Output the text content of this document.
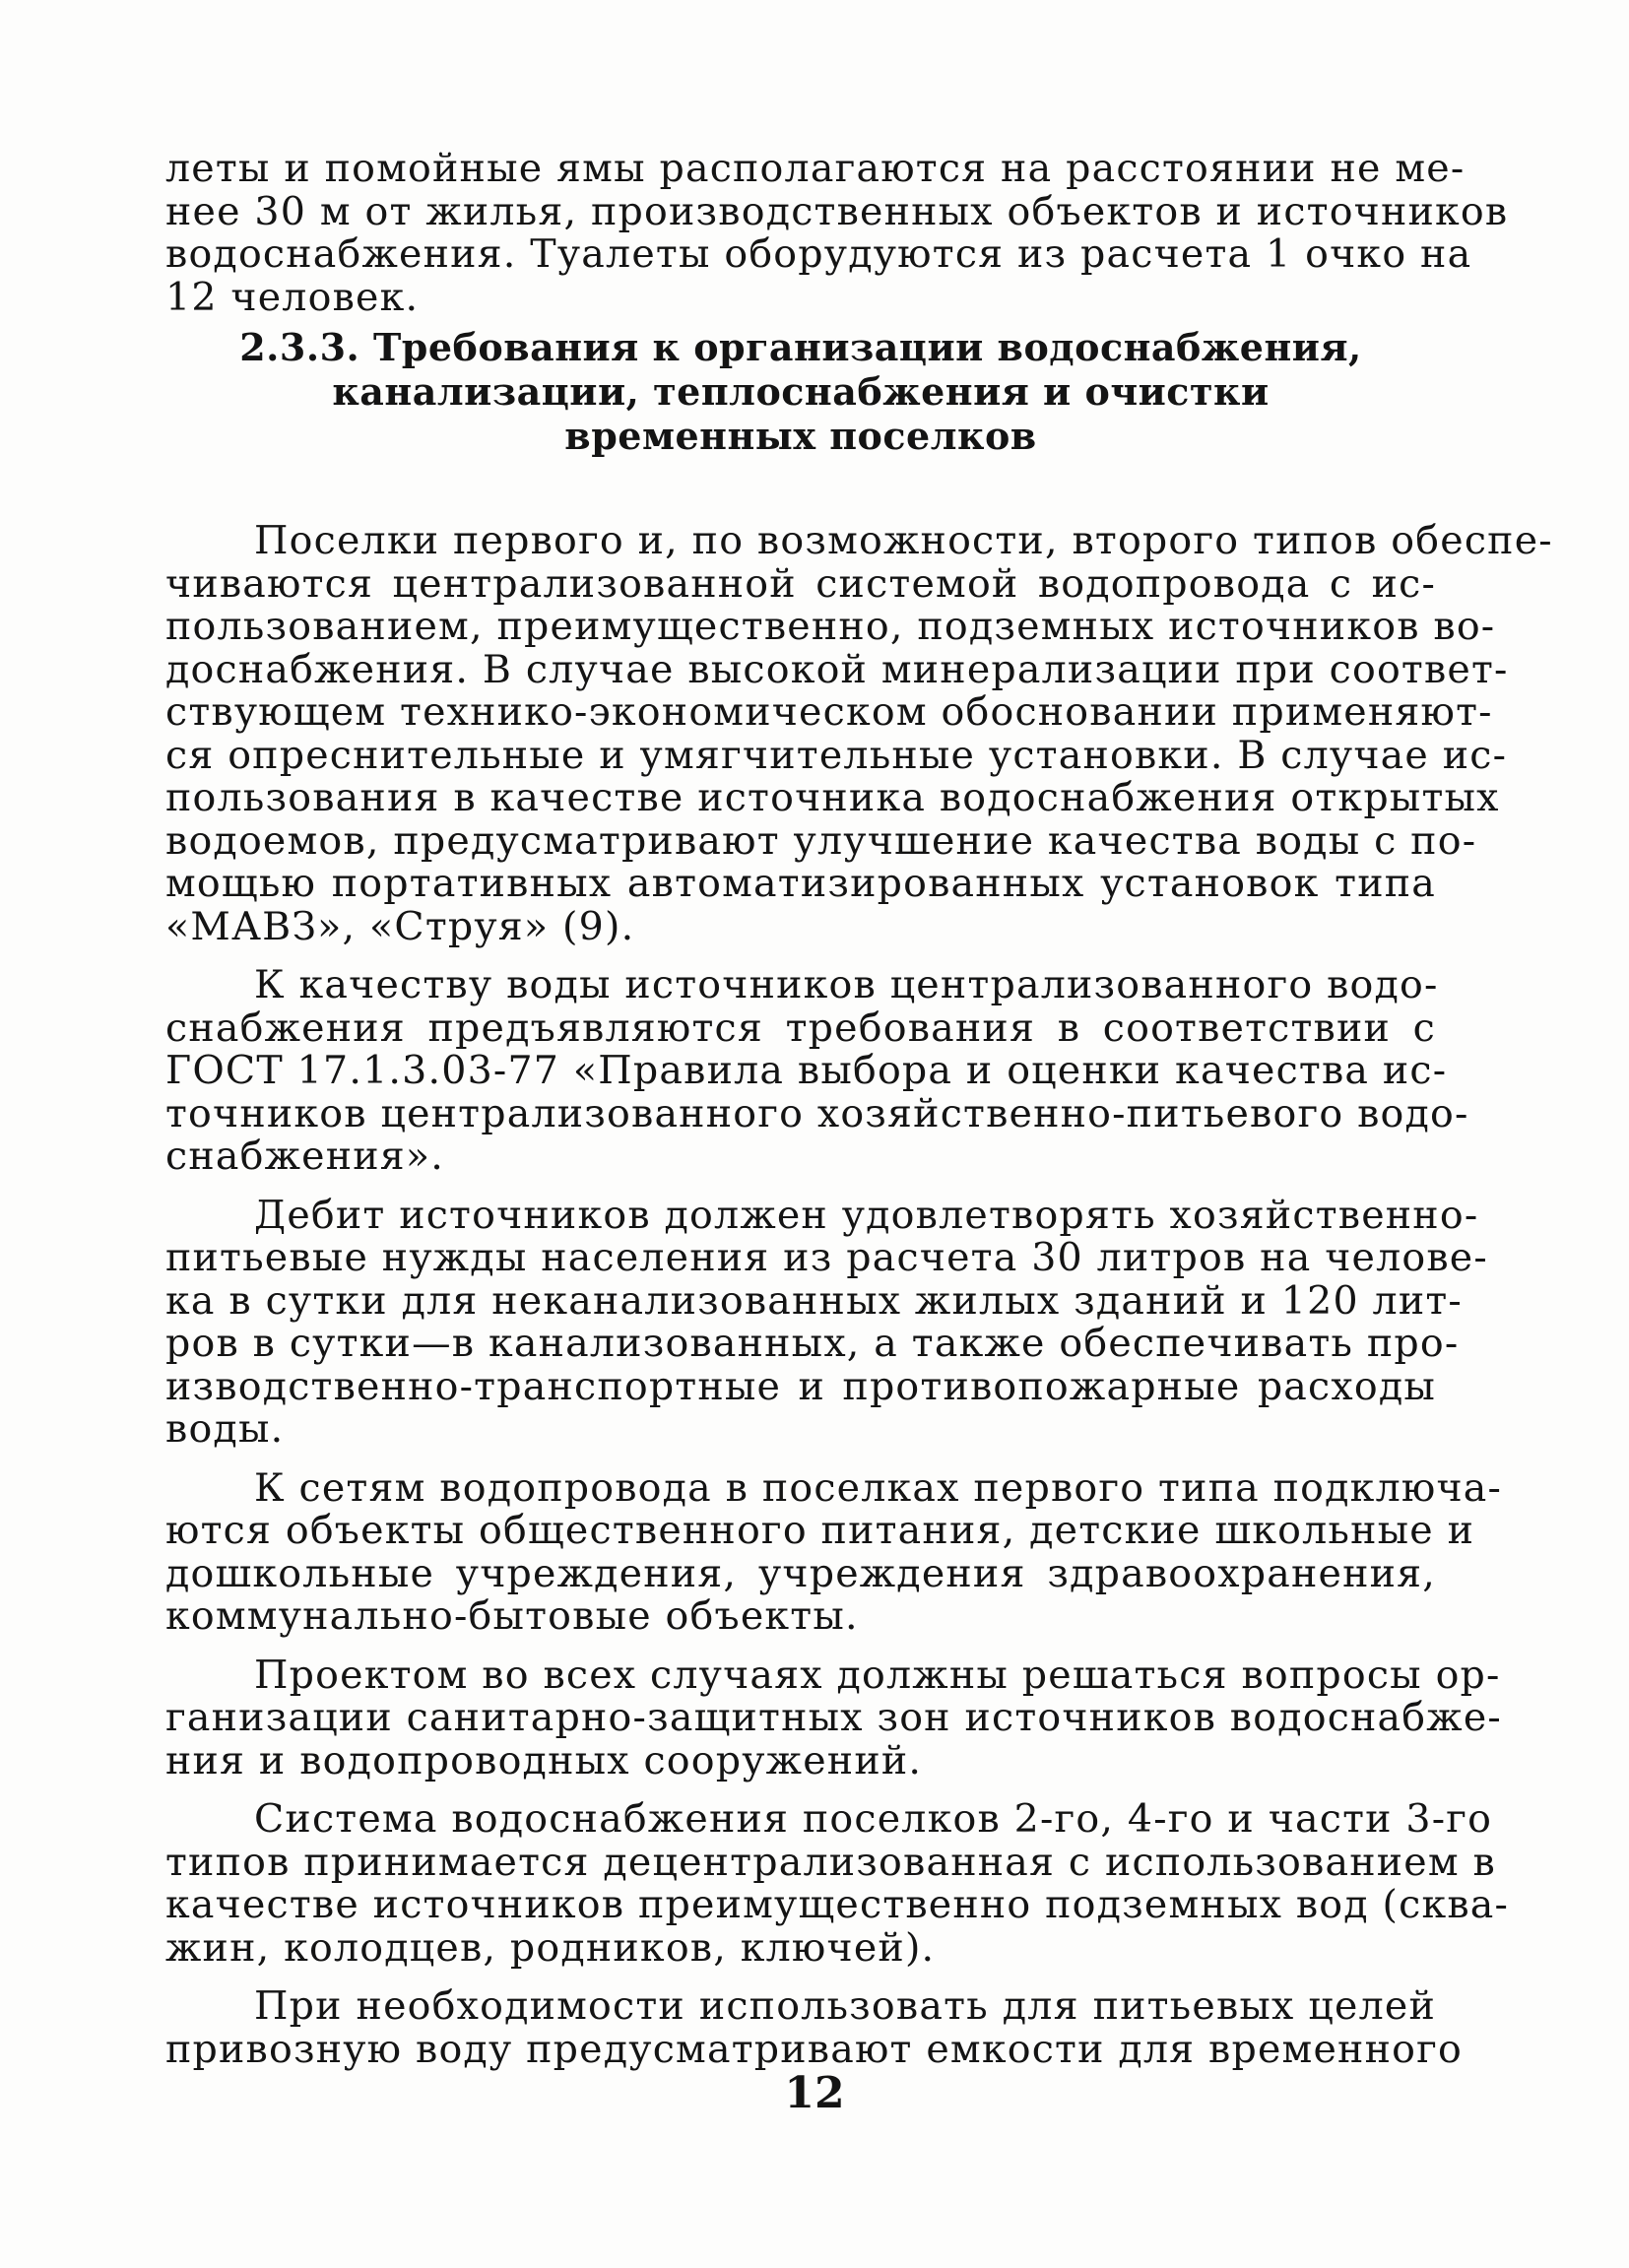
леты и помойные ямы располагаются на расстоянии не ме-
нее 30 м от жилья, производственных объектов и источников
водоснабжения. Туалеты оборудуются из расчета 1 очко на
12 человек.
2.3.3. Требования к организации водоснабжения,
канализации, теплоснабжения и очистки
временных поселков
Поселки первого и, по возможности, второго типов обеспе-
чиваются централизованной системой водопровода с ис-
пользованием, преимущественно, подземных источников во-
доснабжения. В случае высокой минерализации при соответ-
ствующем технико-экономическом обосновании применяют-
ся опреснительные и умягчительные установки. В случае ис-
пользования в качестве источника водоснабжения открытых
водоемов, предусматривают улучшение качества воды с по-
мощью портативных автоматизированных установок типа
«МАВЗ», «Струя» (9).
К качеству воды источников централизованного водо-
снабжения предъявляются требования в соответствии с
ГОСТ 17.1.3.03-77 «Правила выбора и оценки качества ис-
точников централизованного хозяйственно-питьевого водо-
снабжения».
Дебит источников должен удовлетворять хозяйственно-
питьевые нужды населения из расчета 30 литров на челове-
ка в сутки для неканализованных жилых зданий и 120 лит-
ров в сутки—в канализованных, а также обеспечивать про-
изводственно-транспортные и противопожарные расходы
воды.
К сетям водопровода в поселках первого типа подключа-
ются объекты общественного питания, детские школьные и
дошкольные учреждения, учреждения здравоохранения,
коммунально-бытовые объекты.
Проектом во всех случаях должны решаться вопросы ор-
ганизации санитарно-защитных зон источников водоснабже-
ния и водопроводных сооружений.
Система водоснабжения поселков 2-го, 4-го и части 3-го
типов принимается децентрализованная с использованием в
качестве источников преимущественно подземных вод (сква-
жин, колодцев, родников, ключей).
При необходимости использовать для питьевых целей
привозную воду предусматривают емкости для временного
12
